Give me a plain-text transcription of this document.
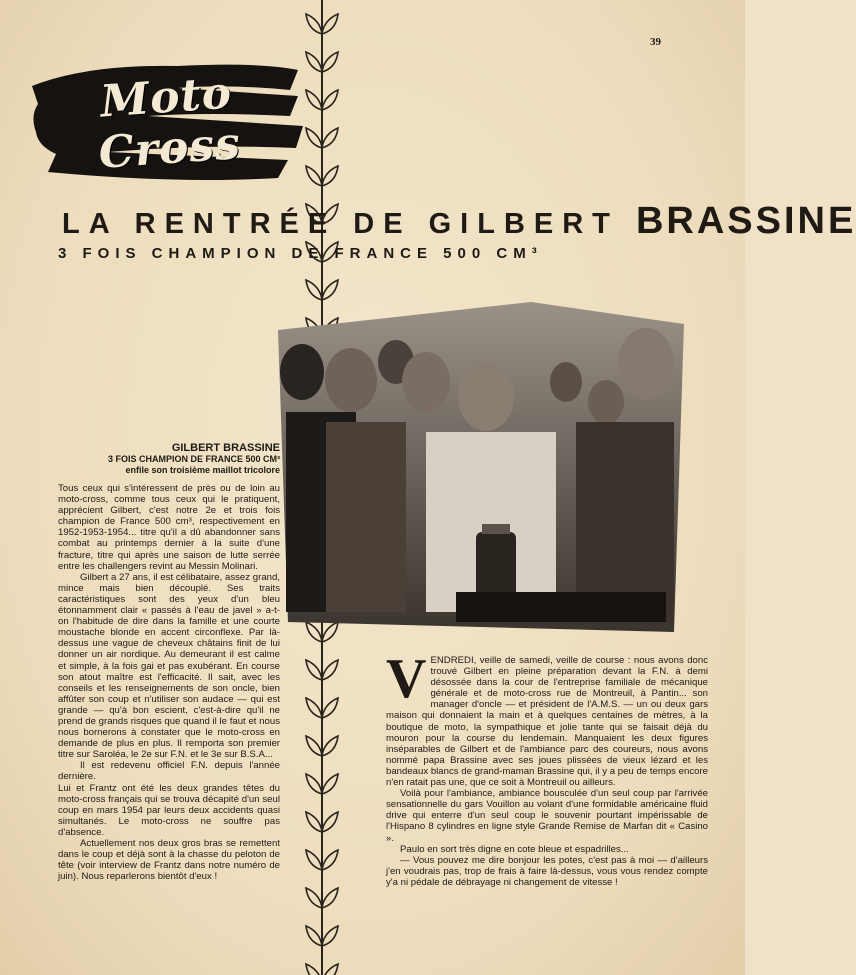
39
Moto Cross
LA RENTRÉE DE GILBERT BRASSINE
3 FOIS CHAMPION DE FRANCE 500 CM³
GILBERT BRASSINE
3 FOIS CHAMPION DE FRANCE 500 CM³
enfile son troisième maillot tricolore

Tous ceux qui s'intéressent de près ou de loin au moto-cross, comme tous ceux qui le pratiquent, apprécient Gilbert, c'est notre 2e et trois fois champion de France 500 cm³, respectivement en 1952-1953-1954... titre qu'il a dû abandonner sans combat au printemps dernier à la suite d'une fracture, titre qui après une saison de lutte serrée entre les challengers revint au Messin Molinari.

Gilbert a 27 ans, il est célibataire, assez grand, mince mais bien découplé. Ses traits caractéristiques sont des yeux d'un bleu étonnamment clair « passés à l'eau de javel » a-t-on l'habitude de dire dans la famille et une courte moustache blonde en accent circonflexe. Par là-dessus une vague de cheveux châtains finit de lui donner un air nordique. Au demeurant il est calme et simple, à la fois gai et pas exubérant. En course son atout maître est l'efficacité. Il sait, avec les conseils et les renseignements de son oncle, bien affûter son coup et n'utiliser son audace — qui est grande — qu'à bon escient, c'est-à-dire qu'il ne prend de grands risques que quand il le faut et nous nous bornerons à constater que le moto-cross en demande de plus en plus. Il remporta son premier titre sur Saroléa, le 2e sur F.N. et le 3e sur B.S.A...

Il est redevenu officiel F.N. depuis l'année dernière.

Lui et Frantz ont été les deux grandes têtes du moto-cross français qui se trouva décapité d'un seul coup en mars 1954 par leurs deux accidents quasi simultanés. Le moto-cross ne souffre pas d'absence.

Actuellement nos deux gros bras se remettent dans le coup et déjà sont à la chasse du peloton de tête (voir interview de Frantz dans notre numéro de juin). Nous reparlerons bientôt d'eux !

VENDREDI, veille de samedi, veille de course : nous avons donc trouvé Gilbert en pleine préparation devant la F.N. à demi désossée dans la cour de l'entreprise familiale de mécanique générale et de moto-cross rue de Montreuil, à Pantin... son manager d'oncle — et président de l'A.M.S. — un ou deux gars maison qui donnaient la main et à quelques centaines de mètres, à la boutique de moto, la sympathique et jolie tante qui se faisait déjà du mouron pour la course du lendemain. Manquaient les deux figures inséparables de Gilbert et de l'ambiance parc des coureurs, nous avons nommé papa Brassine avec ses joues plissées de vieux lézard et les bandeaux blancs de grand-maman Brassine qui, il y a peu de temps encore n'en ratait pas une, que ce soit à Montreuil ou ailleurs.

Voilà pour l'ambiance, ambiance bousculée d'un seul coup par l'arrivée sensationnelle du gars Vouillon au volant d'une formidable américaine fluid drive qui enterre d'un seul coup le souvenir pourtant impérissable de l'Hispano 8 cylindres en ligne style Grande Remise de Marfan dit « Casino ».

Paulo en sort très digne en cote bleue et espadrilles...

— Vous pouvez me dire bonjour les potes, c'est pas à moi — d'ailleurs j'en voudrais pas, trop de frais à faire là-dessus, vous vous rendez compte y'a ni pédale de débrayage ni changement de vitesse !
